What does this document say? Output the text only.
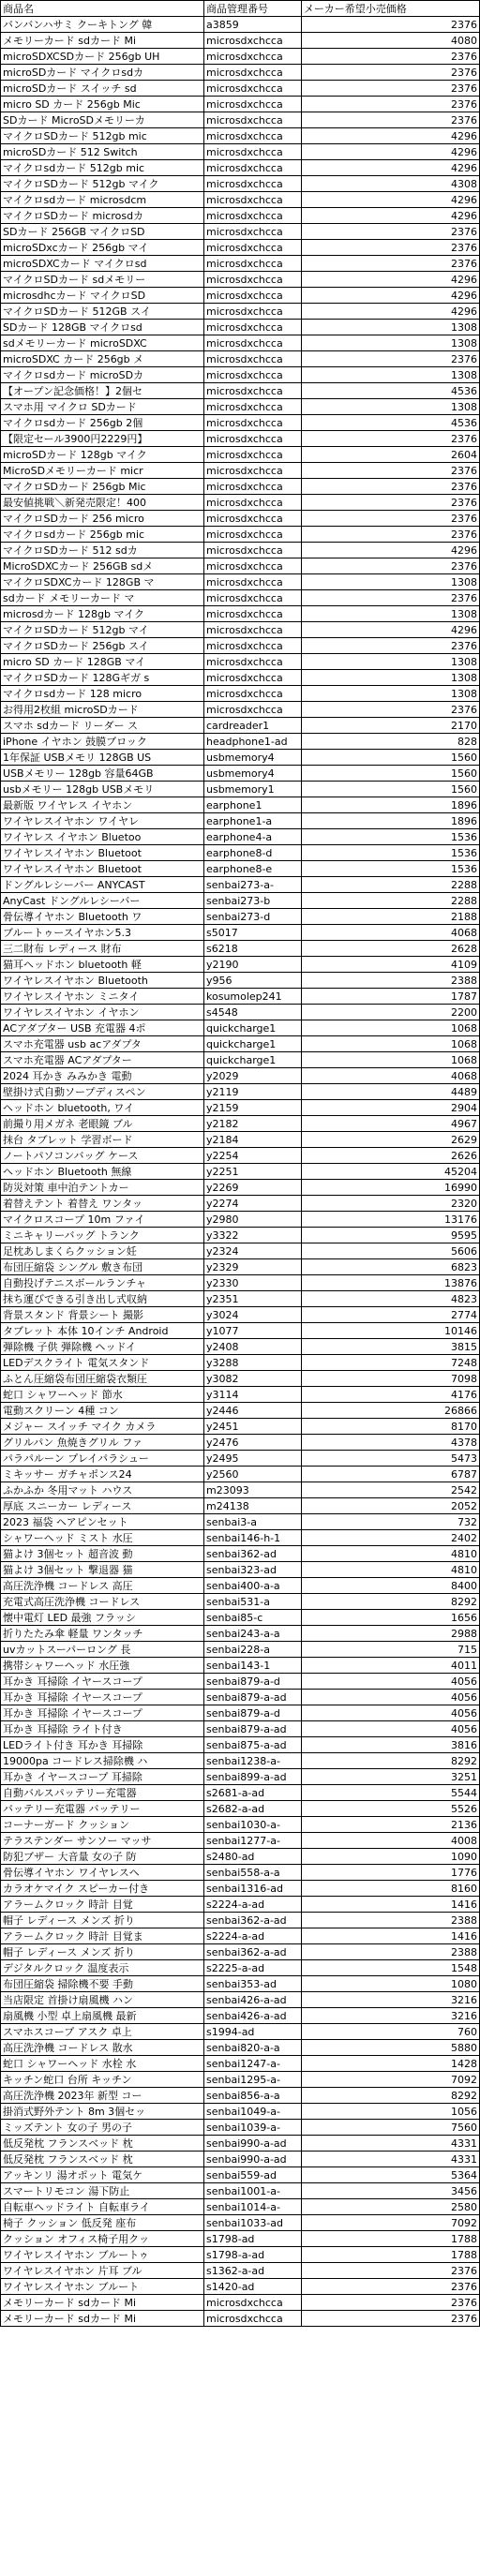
商品名	商品管理番号	メーカー希望小売価格
バンバンハサミ クーキトング 韓	a3859	2376
メモリーカード sdカード Mi	microsdxchcca	4080
microSDXCSDカード 256gb UH	microsdxchcca	2376
microSDカード マイクロsdカ	microsdxchcca	2376
microSDカード スイッチ sd	microsdxchcca	2376
micro SD カード 256gb Mic	microsdxchcca	2376
SDカード MicroSDメモリーカ	microsdxchcca	2376
マイクロSDカード 512gb mic	microsdxchcca	4296
microSDカード 512 Switch	microsdxchcca	4296
マイクロsdカード 512gb mic	microsdxchcca	4296
マイクロSDカード 512gb マイク	microsdxchcca	4308
マイクロsdカード microsdcm	microsdxchcca	4296
マイクロSDカード microsdカ	microsdxchcca	4296
SDカード 256GB マイクロSD	microsdxchcca	2376
microSDxcカード 256gb マイ	microsdxchcca	2376
microSDXCカード マイクロsd	microsdxchcca	2376
マイクロSDカード sdメモリー	microsdxchcca	4296
microsdhcカード マイクロSD	microsdxchcca	4296
マイクロSDカード 512GB スイ	microsdxchcca	4296
SDカード 128GB マイクロsd	microsdxchcca	1308
sdメモリーカード microSDXC	microsdxchcca	1308
microSDXC カード 256gb メ	microsdxchcca	2376
マイクロsdカード microSDカ	microsdxchcca	1308
【オープン記念価格！】2個セ	microsdxchcca	4536
スマホ用 マイクロ SDカード	microsdxchcca	1308
マイクロsdカード 256gb 2個	microsdxchcca	4536
【限定セール3900円2229円】	microsdxchcca	2376
microSDカード 128gb マイク	microsdxchcca	2604
MicroSDメモリーカード micr	microsdxchcca	2376
マイクロSDカード 256gb Mic	microsdxchcca	2376
最安値挑戦＼新発売限定！400	microsdxchcca	2376
マイクロSDカード 256 micro	microsdxchcca	2376
マイクロsdカード 256gb mic	microsdxchcca	2376
マイクロSDカード 512 sdカ	microsdxchcca	4296
MicroSDXCカード 256GB sdメ	microsdxchcca	2376
マイクロSDXCカード 128GB マ	microsdxchcca	1308
sdカード メモリーカード マ	microsdxchcca	2376
microsdカード 128gb マイク	microsdxchcca	1308
マイクロSDカード 512gb マイ	microsdxchcca	4296
マイクロSDカード 256gb スイ	microsdxchcca	2376
micro SD カード 128GB マイ	microsdxchcca	1308
マイクロSDカード 128Gギガ s	microsdxchcca	1308
マイクロsdカード 128 micro	microsdxchcca	1308
お得用2枚組 microSDカード	microsdxchcca	2376
スマホ sdカード リーダー ス	cardreader1	2170
iPhone イヤホン 鼓膜ブロック	headphone1-ad	828
1年保証 USBメモリ 128GB US	usbmemory4	1560
USBメモリー 128gb 容量64GB	usbmemory4	1560
usbメモリー 128gb USBメモリ	usbmemory1	1560
最新版 ワイヤレス イヤホン	earphone1	1896
ワイヤレスイヤホン ワイヤレ	earphone1-a	1896
ワイヤレス イヤホン Bluetoo	earphone4-a	1536
ワイヤレスイヤホン Bluetoot	earphone8-d	1536
ワイヤレスイヤホン Bluetoot	earphone8-e	1536
ドングルレシーバー ANYCAST	senbai273-a-	2288
AnyCast ドングルレシーバー	senbai273-b	2288
骨伝導イヤホン Bluetooth ワ	senbai273-d	2188
ブルートゥースイヤホン5.3	s5017	4068
三二財布 レディース 財布	s6218	2628
猫耳ヘッドホン bluetooth 軽	y2190	4109
ワイヤレスイヤホン Bluetooth	y956	2388
ワイヤレスイヤホン ミニタイ	kosumolep241	1787
ワイヤレスイヤホン イヤホン	s4548	2200
ACアダプター USB 充電器 4ポ	quickcharge1	1068
スマホ充電器 usb acアダプタ	quickcharge1	1068
スマホ充電器 ACアダプター	quickcharge1	1068
2024 耳かき みみかき 電動	y2029	4068
壁掛け式自動ソープディスペン	y2119	4489
ヘッドホン bluetooth, ワイ	y2159	2904
前撮り用メガネ 老眼鏡 ブル	y2182	4967
抹台 タブレット 学習ボード	y2184	2629
ノートパソコンバッグ ケース	y2254	2626
ヘッドホン Bluetooth 無線	y2251	45204
防災対策 車中泊テントカー	y2269	16990
着替えテント 着替え ワンタッ	y2274	2320
マイクロスコープ 10m ファイ	y2980	13176
ミニキャリーバッグ トランク	y3322	9595
足枕あしまくらクッション妊	y2324	5606
布団圧縮袋 シングル 敷き布団	y2329	6823
自動投げテニスボールランチャ	y2330	13876
抹ち運びできる引き出し式収納	y2351	4823
背景スタンド 背景シート 撮影	y3024	2774
タブレット 本体 10インチ Android	y1077	10146
弾除機 子供 弾除機 ヘッドイ	y2408	3815
LEDデスクライト 電気スタンド	y3288	7248
ふとん圧縮袋布団圧縮袋衣類圧	y3082	7098
蛇口 シャワーヘッド 節水	y3114	4176
電動スクリーン 4種 コン	y2446	26866
メジャー スイッチ マイク カメラ	y2451	8170
グリルパン 魚焼きグリル ファ	y2476	4378
パラパルーン プレイパラシュー	y2495	5473
ミキッサー ガチャポンス24	y2560	6787
ふかふか 冬用マット ハウス	m23093	2542
厚底 スニーカー レディース	m24138	2052
2023 福袋 ヘアピンセット	senbai3-a	732
シャワーヘッド ミスト 水圧	senbai146-h-1	2402
猫よけ 3個セット 超音波 動	senbai362-ad	4810
猫よけ 3個セット 撃退器 猫	senbai323-ad	4810
高圧洗浄機 コードレス 高圧	senbai400-a-a	8400
充電式高圧洗浄機 コードレス	senbai531-a	8292
懐中電灯 LED 最強 フラッシ	senbai85-c	1656
折りたたみ傘 軽量 ワンタッチ	senbai243-a-a	2988
uvカットスーパーロング 長	senbai228-a	715
携帯シャワーヘッド 水圧強	senbai143-1	4011
耳かき 耳掃除 イヤースコープ	senbai879-a-d	4056
耳かき 耳掃除 イヤースコープ	senbai879-a-ad	4056
耳かき 耳掃除 イヤースコープ	senbai879-a-d	4056
耳かき 耳掃除 ライト付き	senbai879-a-ad	4056
LEDライト付き 耳かき 耳掃除	senbai875-a-ad	3816
19000pa コードレス掃除機 ハ	senbai1238-a-	8292
耳かき イヤースコープ 耳掃除	senbai899-a-ad	3251
自動バルスパッテリー充電器	s2681-a-ad	5544
バッテリー充電器 バッテリー	s2682-a-ad	5526
コーナーガード クッション	senbai1030-a-	2136
テラステンダー サンソー マッサ	senbai1277-a-	4008
防犯ブザー 大音量 女の子 防	s2480-ad	1090
骨伝導イヤホン ワイヤレスヘ	senbai558-a-a	1776
カラオケマイク スピーカー付き	senbai1316-ad	8160
アラームクロック 時計 目覚	s2224-a-ad	1416
帽子 レディース メンズ 折り	senbai362-a-ad	2388
アラームクロック 時計 目覚ま	s2224-a-ad	1416
帽子 レディース メンズ 折り	senbai362-a-ad	2388
デジタルクロック 温度表示	s2225-a-ad	1548
布団圧縮袋 掃除機不要 手動	senbai353-ad	1080
当店限定 首掛け扇風機 ハン	senbai426-a-ad	3216
扇風機 小型 卓上扇風機 最新	senbai426-a-ad	3216
スマホスコープ アスク 卓上	s1994-ad	760
高圧洗浄機 コードレス 散水	senbai820-a-a	5880
蛇口 シャワーヘッド 水栓 水	senbai1247-a-	1428
キッチン蛇口 台所 キッチン	senbai1295-a-	7092
高圧洗浄機 2023年 新型 コー	senbai856-a-a	8292
掛消式野外テント 8m 3個セッ	senbai1049-a-	1056
ミッズテント 女の子 男の子	senbai1039-a-	7560
低反発枕 フランスベッド 枕	senbai990-a-ad	4331
低反発枕 フランスベッド 枕	senbai990-a-ad	4331
アッキンリ 湯オポット 電気ケ	senbai559-ad	5364
スマートリモコン 湯下防止	senbai1001-a-	3456
自転車ヘッドライト 自転車ライ	senbai1014-a-	2580
椅子 クッション 低反発 座布	senbai1033-ad	7092
クッション オフィス椅子用クッ	s1798-ad	1788
ワイヤレスイヤホン ブルートゥ	s1798-a-ad	1788
ワイヤレスイヤホン 片耳 ブル	s1362-a-ad	2376
ワイヤレスイヤホン ブルート	s1420-ad	2376
メモリーカード sdカード Mi	microsdxchcca	2376
メモリーカード sdカード Mi	microsdxchcca	2376
